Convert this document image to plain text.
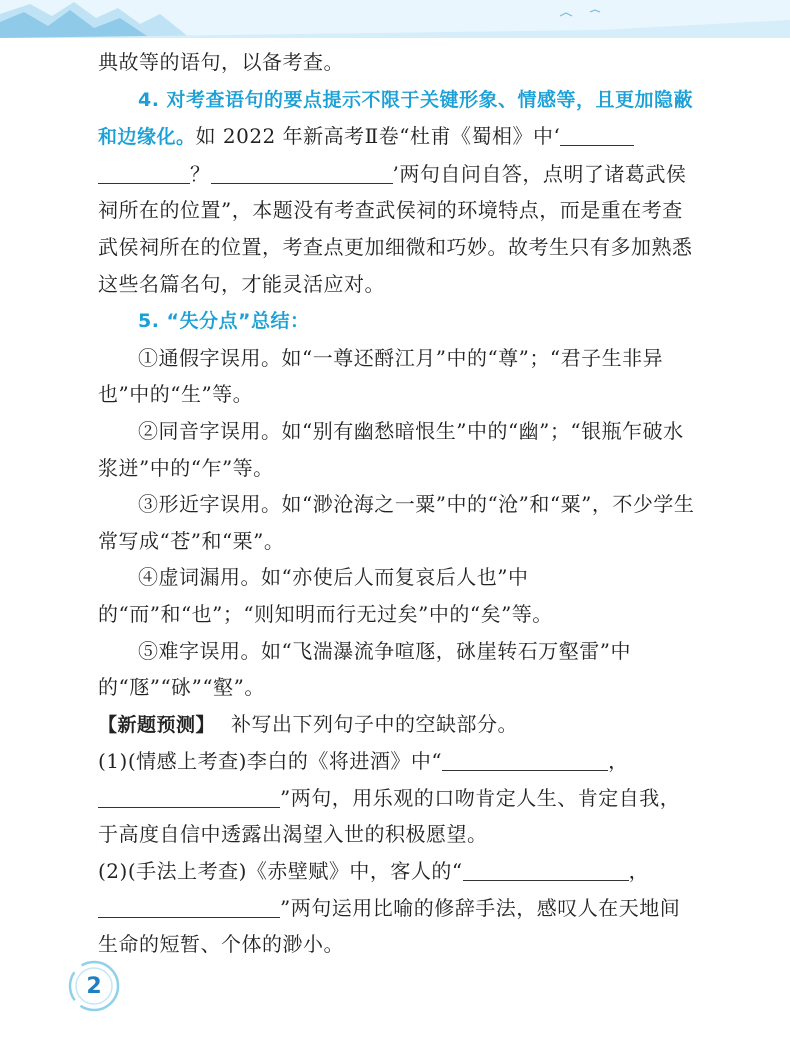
典故等的语句，以备考查。

4. 对考查语句的要点提示不限于关键形象、情感等，且更加隐蔽和边缘化。如 2022 年新高考Ⅱ卷“杜甫《蜀相》中‘？	’两句自问自答，点明了诸葛武侯祠所在的位置”，本题没有考查武侯祠的环境特点，而是重在考查武侯祠所在的位置，考查点更加细微和巧妙。故考生只有多加熟悉这些名篇名句，才能灵活应对。

5. “失分点”总结：

①通假字误用。如“一尊还酹江月”中的“尊”；“君子生非异也”中的“生”等。

②同音字误用。如“别有幽愁暗恨生”中的“幽”；“银瓶乍破水浆迸”中的“乍”等。

③形近字误用。如“渺沧海之一粟”中的“沧”和“粟”，不少学生常写成“苍”和“栗”。

④虚词漏用。如“亦使后人而复哀后人也”中的“而”和“也”；“则知明而行无过矣”中的“矣”等。

⑤难字误用。如“飞湍瀑流争喧豗，砯崖转石万壑雷”中的“豗”“砯”“壑”。

【新题预测】 补写出下列句子中的空缺部分。

(1)(情感上考查)李白的《将进酒》中“	，”两句，用乐观的口吻肯定人生、肯定自我，于高度自信中透露出渴望入世的积极愿望。

(2)(手法上考查)《赤壁赋》中，客人的“	，”两句运用比喻的修辞手法，感叹人在天地间生命的短暂、个体的渺小。

2
